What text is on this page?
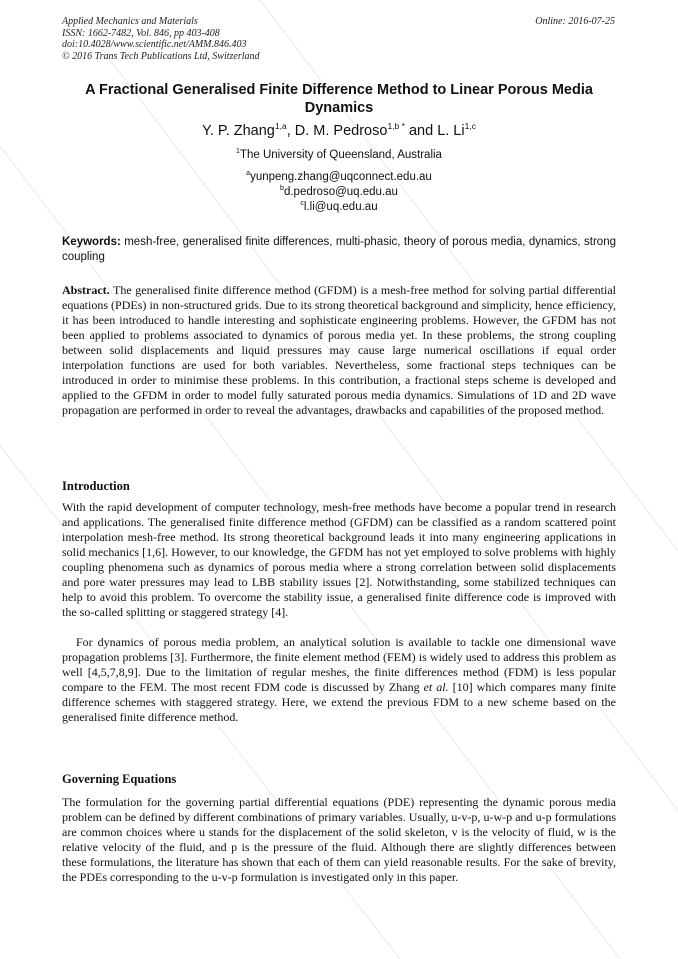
Applied Mechanics and Materials
ISSN: 1662-7482, Vol. 846, pp 403-408
doi:10.4028/www.scientific.net/AMM.846.403
© 2016 Trans Tech Publications Ltd, Switzerland
Online: 2016-07-25
A Fractional Generalised Finite Difference Method to Linear Porous Media Dynamics
Y. P. Zhang$^{1,a}$, D. M. Pedroso$^{1,b *}$ and L. Li$^{1,c}$
$^1$The University of Queensland, Australia
$^a$yunpeng.zhang@uqconnect.edu.au
$^b$d.pedroso@uq.edu.au
$^c$l.li@uq.edu.au
Keywords: mesh-free, generalised finite differences, multi-phasic, theory of porous media, dynamics, strong coupling
Abstract. The generalised finite difference method (GFDM) is a mesh-free method for solving partial differential equations (PDEs) in non-structured grids. Due to its strong theoretical background and simplicity, hence efficiency, it has been introduced to handle interesting and sophisticate engineering problems. However, the GFDM has not been applied to problems associated to dynamics of porous media yet. In these problems, the strong coupling between solid displacements and liquid pressures may cause large numerical oscillations if equal order interpolation functions are used for both variables. Nevertheless, some fractional steps techniques can be introduced in order to minimise these problems. In this contribution, a fractional steps scheme is developed and applied to the GFDM in order to model fully saturated porous media dynamics. Simulations of 1D and 2D wave propagation are performed in order to reveal the advantages, drawbacks and capabilities of the proposed method.
Introduction
With the rapid development of computer technology, mesh-free methods have become a popular trend in research and applications. The generalised finite difference method (GFDM) can be classified as a random scattered point interpolation mesh-free method. Its strong theoretical background leads it into many engineering applications in solid mechanics [1,6]. However, to our knowledge, the GFDM has not yet employed to solve problems with highly coupling phenomena such as dynamics of porous media where a strong correlation between solid displacements and pore water pressures may lead to LBB stability issues [2]. Notwithstanding, some stabilized techniques can help to avoid this problem. To overcome the stability issue, a generalised finite difference code is improved with the so-called splitting or staggered strategy [4].
For dynamics of porous media problem, an analytical solution is available to tackle one dimensional wave propagation problems [3]. Furthermore, the finite element method (FEM) is widely used to address this problem as well [4,5,7,8,9]. Due to the limitation of regular meshes, the finite differences method (FDM) is less popular compare to the FEM. The most recent FDM code is discussed by Zhang et al. [10] which compares many finite difference schemes with staggered strategy. Here, we extend the previous FDM to a new scheme based on the generalised finite difference method.
Governing Equations
The formulation for the governing partial differential equations (PDE) representing the dynamic porous media problem can be defined by different combinations of primary variables. Usually, u-v-p, u-w-p and u-p formulations are common choices where u stands for the displacement of the solid skeleton, v is the velocity of fluid, w is the relative velocity of the fluid, and p is the pressure of the fluid. Although there are slightly differences between these formulations, the literature has shown that each of them can yield reasonable results. For the sake of brevity, the PDEs corresponding to the u-v-p formulation is investigated only in this paper.
